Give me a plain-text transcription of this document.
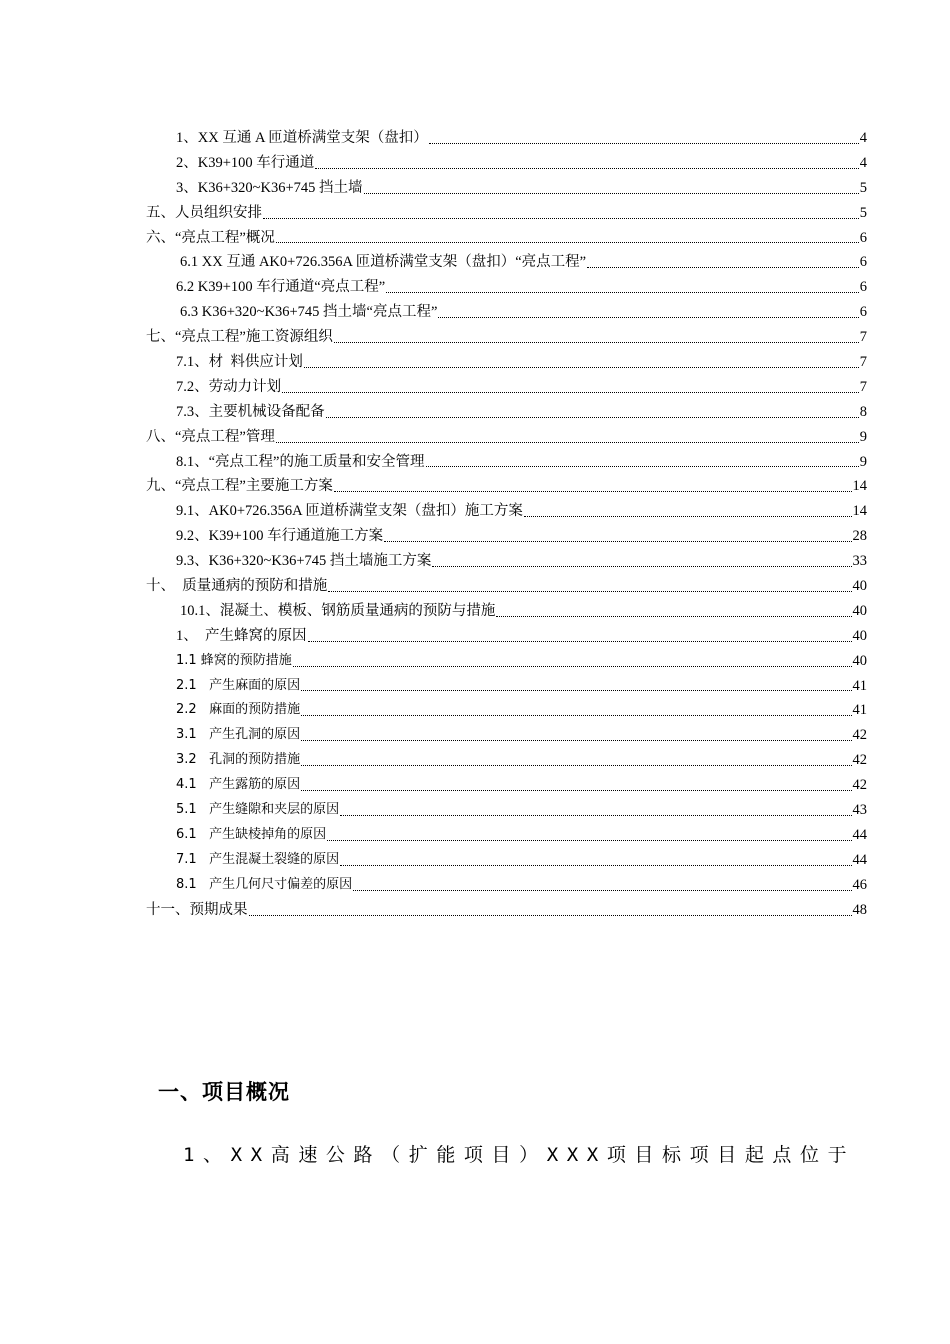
1、XX 互通 A 匝道桥满堂支架（盘扣）	4
2、K39+100 车行通道	4
3、K36+320~K36+745 挡土墙	5
五、人员组织安排	5
六、“亮点工程”概况	6
6.1 XX 互通 AK0+726.356A 匝道桥满堂支架（盘扣）“亮点工程”	6
6.2 K39+100 车行通道“亮点工程”	6
6.3 K36+320~K36+745 挡土墙“亮点工程”	6
七、“亮点工程”施工资源组织	7
7.1、材  料供应计划	7
7.2、劳动力计划	7
7.3、主要机械设备配备	8
八、“亮点工程”管理	9
8.1、“亮点工程”的施工质量和安全管理	9
九、“亮点工程”主要施工方案	14
9.1、AK0+726.356A 匝道桥满堂支架（盘扣）施工方案	14
9.2、K39+100 车行通道施工方案	28
9.3、K36+320~K36+745 挡土墙施工方案	33
十、  质量通病的预防和措施	40
10.1、混凝土、模板、钢筋质量通病的预防与措施	40
1、  产生蜂窝的原因	40
1.1 蜂窝的预防措施	40
2.1   产生麻面的原因	41
2.2   麻面的预防措施	41
3.1   产生孔洞的原因	42
3.2   孔洞的预防措施	42
4.1   产生露筋的原因	42
5.1   产生缝隙和夹层的原因	43
6.1   产生缺棱掉角的原因	44
7.1   产生混凝土裂缝的原因	44
8.1   产生几何尺寸偏差的原因	46
十一、预期成果	48
一、项目概况
1、XX高速公路（扩能项目）XXX项目标项目起点位于
